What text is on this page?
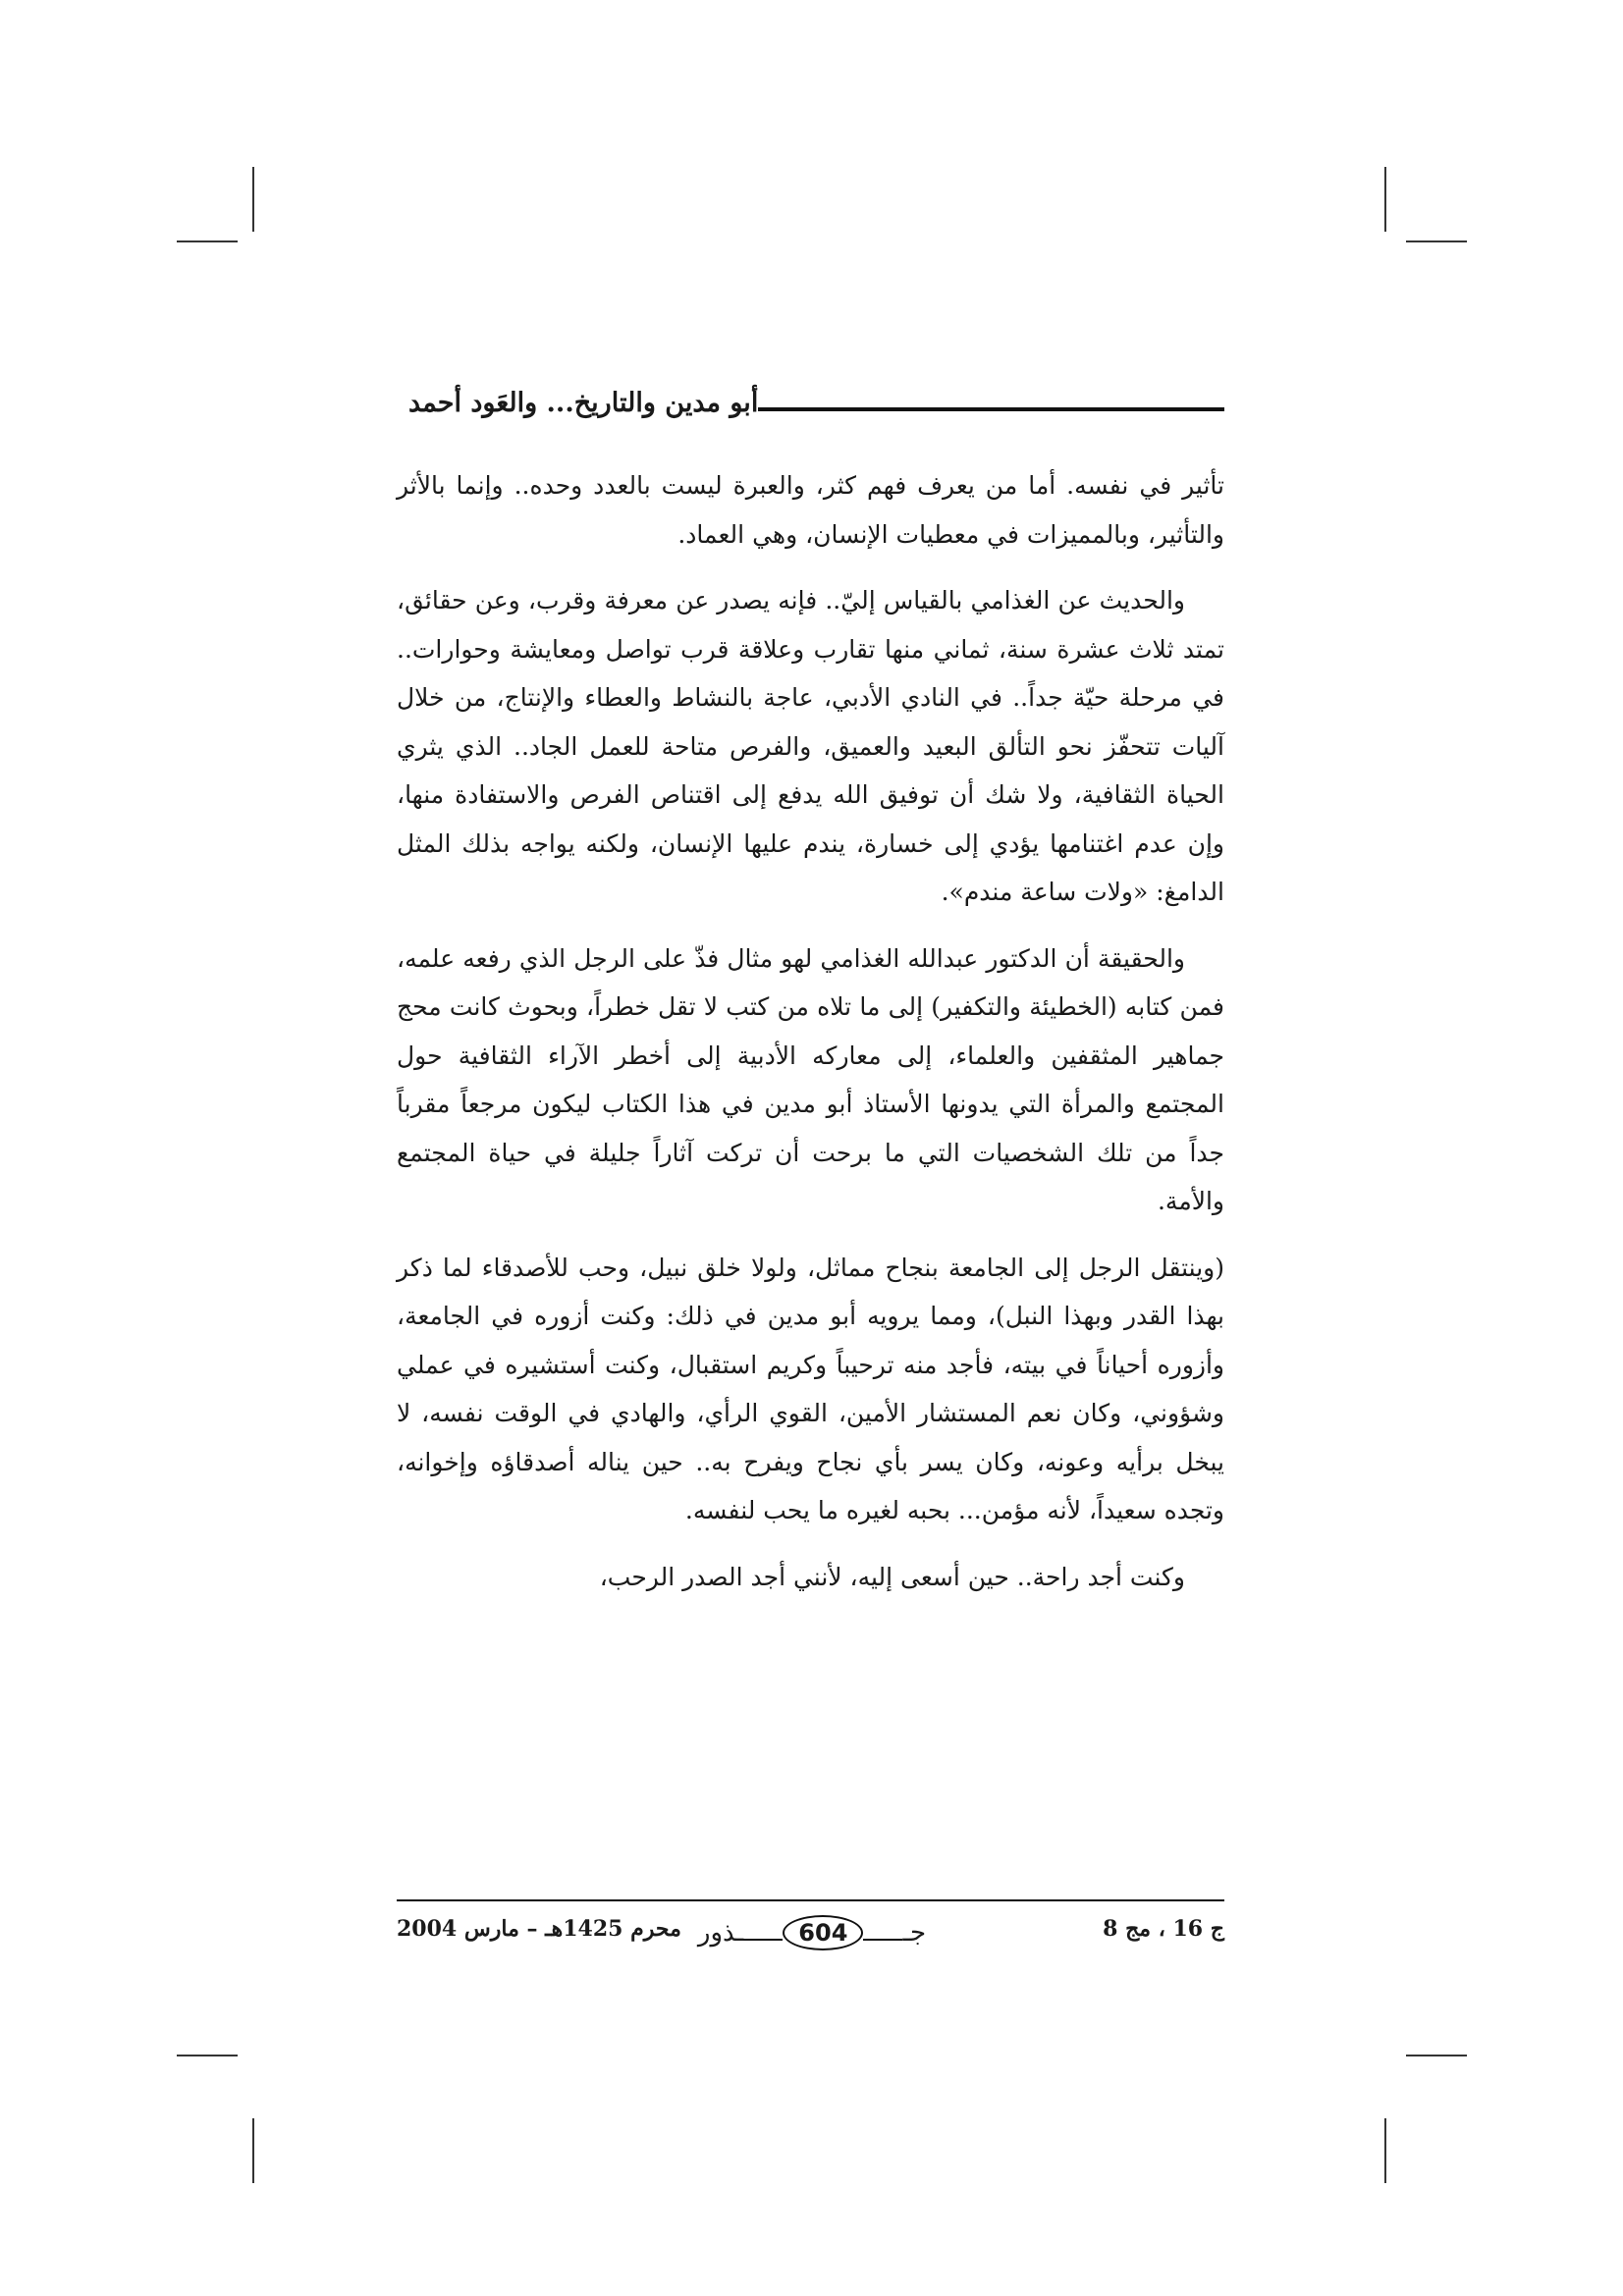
أبو مدين والتاريخ... والعَود أحمد

تأثير في نفسه. أما من يعرف فهم كثر، والعبرة ليست بالعدد وحده.. وإنما بالأثر والتأثير، وبالمميزات في معطيات الإنسان، وهي العماد.

والحديث عن الغذامي بالقياس إليّ.. فإنه يصدر عن معرفة وقرب، وعن حقائق، تمتد ثلاث عشرة سنة، ثماني منها تقارب وعلاقة قرب تواصل ومعايشة وحوارات.. في مرحلة حيّة جداً.. في النادي الأدبي، عاجة بالنشاط والعطاء والإنتاج، من خلال آليات تتحفّز نحو التألق البعيد والعميق، والفرص متاحة للعمل الجاد.. الذي يثري الحياة الثقافية، ولا شك أن توفيق الله يدفع إلى اقتناص الفرص والاستفادة منها، وإن عدم اغتنامها يؤدي إلى خسارة، يندم عليها الإنسان، ولكنه يواجه بذلك المثل الدامغ: «ولات ساعة مندم».

والحقيقة أن الدكتور عبدالله الغذامي لهو مثال فذّ على الرجل الذي رفعه علمه، فمن كتابه (الخطيئة والتكفير) إلى ما تلاه من كتب لا تقل خطراً، وبحوث كانت محج جماهير المثقفين والعلماء، إلى معاركه الأدبية إلى أخطر الآراء الثقافية حول المجتمع والمرأة التي يدونها الأستاذ أبو مدين في هذا الكتاب ليكون مرجعاً مقرباً جداً من تلك الشخصيات التي ما برحت أن تركت آثاراً جليلة في حياة المجتمع والأمة.

(وينتقل الرجل إلى الجامعة بنجاح مماثل، ولولا خلق نبيل، وحب للأصدقاء لما ذكر بهذا القدر وبهذا النبل)، ومما يرويه أبو مدين في ذلك: وكنت أزوره في الجامعة، وأزوره أحياناً في بيته، فأجد منه ترحيباً وكريم استقبال، وكنت أستشيره في عملي وشؤوني، وكان نعم المستشار الأمين، القوي الرأي، والهادي في الوقت نفسه، لا يبخل برأيه وعونه، وكان يسر بأي نجاح ويفرح به.. حين يناله أصدقاؤه وإخوانه، وتجده سعيداً، لأنه مؤمن... بحبه لغيره ما يحب لنفسه.

وكنت أجد راحة.. حين أسعى إليه، لأنني أجد الصدر الرحب،

ج 16 ، مج 8
جـ
604
ـذور
محرم 1425هـ – مارس 2004
